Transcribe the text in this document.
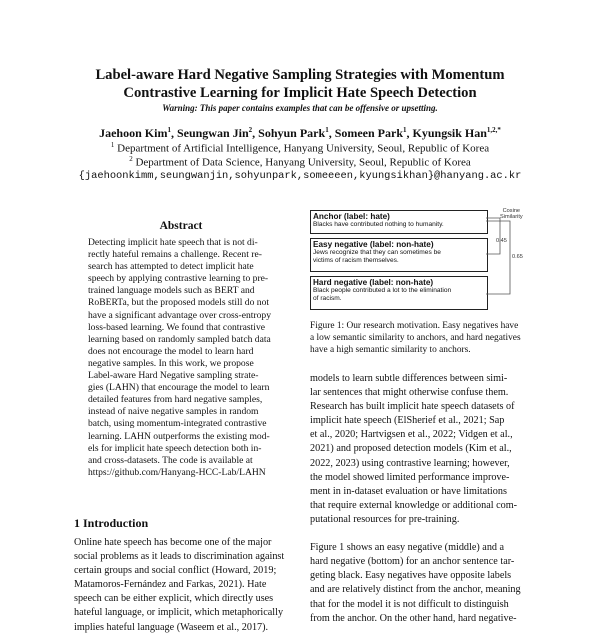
Label-aware Hard Negative Sampling Strategies with Momentum
Contrastive Learning for Implicit Hate Speech Detection
Warning: This paper contains examples that can be offensive or upsetting.
Jaehoon Kim$^1$, Seungwan Jin$^2$, Sohyun Park$^1$, Someen Park$^1$, Kyungsik Han$^{1,2,*}$
$^1$ Department of Artificial Intelligence, Hanyang University, Seoul, Republic of Korea
$^2$ Department of Data Science, Hanyang University, Seoul, Republic of Korea
{jaehoonkimm,seungwanjin,sohyunpark,someeeen,kyungsikhan}@hanyang.ac.kr
Abstract
Detecting implicit hate speech that is not di-
rectly hateful remains a challenge. Recent re-
search has attempted to detect implicit hate
speech by applying contrastive learning to pre-
trained language models such as BERT and
RoBERTa, but the proposed models still do not
have a significant advantage over cross-entropy
loss-based learning. We found that contrastive
learning based on randomly sampled batch data
does not encourage the model to learn hard
negative samples. In this work, we propose
Label-aware Hard Negative sampling strate-
gies (LAHN) that encourage the model to learn
detailed features from hard negative samples,
instead of naive negative samples in random
batch, using momentum-integrated contrastive
learning. LAHN outperforms the existing mod-
els for implicit hate speech detection both in-
and cross-datasets. The code is available at
https://github.com/Hanyang-HCC-Lab/LAHN
1 Introduction
Online hate speech has become one of the major
social problems as it leads to discrimination against
certain groups and social conflict (Howard, 2019;
Matamoros-Fernández and Farkas, 2021). Hate
speech can be either explicit, which directly uses
hateful language, or implicit, which metaphorically
implies hateful language (Waseem et al., 2017).
Anchor (label: hate)
Blacks have contributed nothing to humanity.
Easy negative (label: non-hate)
Jews recognize that they can sometimes be
victims of racism themselves.
Hard negative (label: non-hate)
Black people contributed a lot to the elimination
of racism.
Cosine
Similarity
0.45
0.65
Figure 1: Our research motivation. Easy negatives have
a low semantic similarity to anchors, and hard negatives
have a high semantic similarity to anchors.
models to learn subtle differences between simi-
lar sentences that might otherwise confuse them.
Research has built implicit hate speech datasets of
implicit hate speech (ElSherief et al., 2021; Sap
et al., 2020; Hartvigsen et al., 2022; Vidgen et al.,
2021) and proposed detection models (Kim et al.,
2022, 2023) using contrastive learning; however,
the model showed limited performance improve-
ment in in-dataset evaluation or have limitations
that require external knowledge or additional com-
putational resources for pre-training.

Figure 1 shows an easy negative (middle) and a
hard negative (bottom) for an anchor sentence tar-
geting black. Easy negatives have opposite labels
and are relatively distinct from the anchor, meaning
that for the model it is not difficult to distinguish
from the anchor. On the other hand, hard negative-
